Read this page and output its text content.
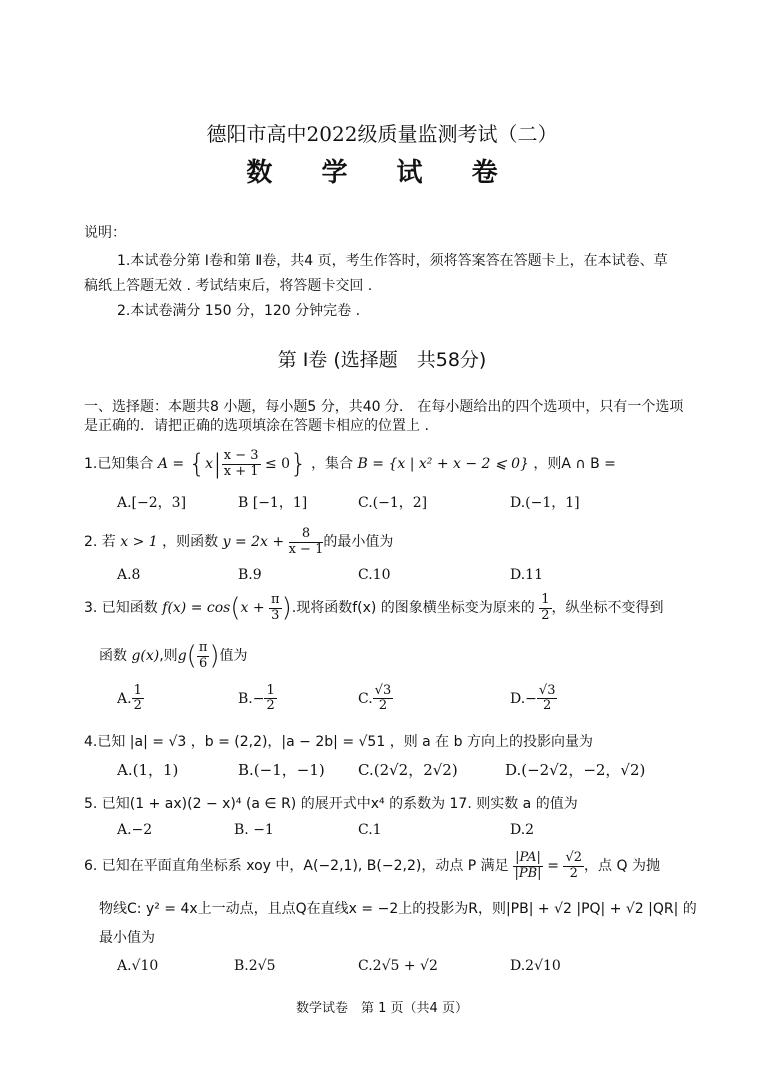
德阳市高中2022级质量监测考试（二）
数 学 试 卷
说明：
1.本试卷分第 Ⅰ卷和第 Ⅱ卷，共4 页，考生作答时，须将答案答在答题卡上，在本试卷、草
稿纸上答题无效 . 考试结束后，将答题卡交回 .
2.本试卷满分 150 分，120 分钟完卷 .
第 Ⅰ卷 (选择题　共58分)
一、选择题：本题共8 小题，每小题5 分，共40 分． 在每小题给出的四个选项中，只有一个选项
是正确的．请把正确的选项填涂在答题卡相应的位置上 .
1.已知集合 $A = \{x| \frac{x - 3}{x + 1} \le 0\}$ ，集合 B = {x | x² + x − 2 ⩽ 0} ，则A ∩ B =
A.[−2，3]	B [−1，1]	C.(−1，2]	D.(−1，1]
2. 若 x > 1 ，则函数 $y = 2x + \frac{8}{x - 1}$ 的最小值为
A.8	B.9	C.10	D.11
3. 已知函数 $f(x) = \cos(x + \frac{\pi}{3}$ ).现将函数f(x) 的图象横坐标变为原来的 $\frac{1}{2}$ ，纵坐标不变得到
函数 g(x),则$g( \frac{\pi}{6}$ )值为
A. $\frac{1}{2}$	$B.- \frac{1}{2}$	C. $\frac{√3}{2}$	$D.- \frac{√3}{2}$
4.已知 |a| = √3 ，b = (2,2)，|a − 2b| = √51 ，则 a 在 b 方向上的投影向量为
A.(1，1)	B.(−1，−1) C.(2√2，2√2)	D.(−2√2，−2，√2)
5. 已知(1 + ax)(2 − x)⁴ (a ∈ R) 的展开式中x⁴ 的系数为 17. 则实数 a 的值为
A.−2	B. −1	C.1	D.2
6. 已知在平面直角坐标系 xoy 中，A(−2,1), B(−2,2)，动点 P 满足 $\frac{|PA|}{|PB|} = \frac{√2}{2}$ ，点 Q 为抛
物线C: y² = 4x上一动点，且点Q在直线x = −2上的投影为R，则|PB| + √2 |PQ| + √2 |QR| 的
最小值为
A.√10	B.2√5	C.2√5 + √2	D.2√10
数学试卷　第 1 页（共4 页）
